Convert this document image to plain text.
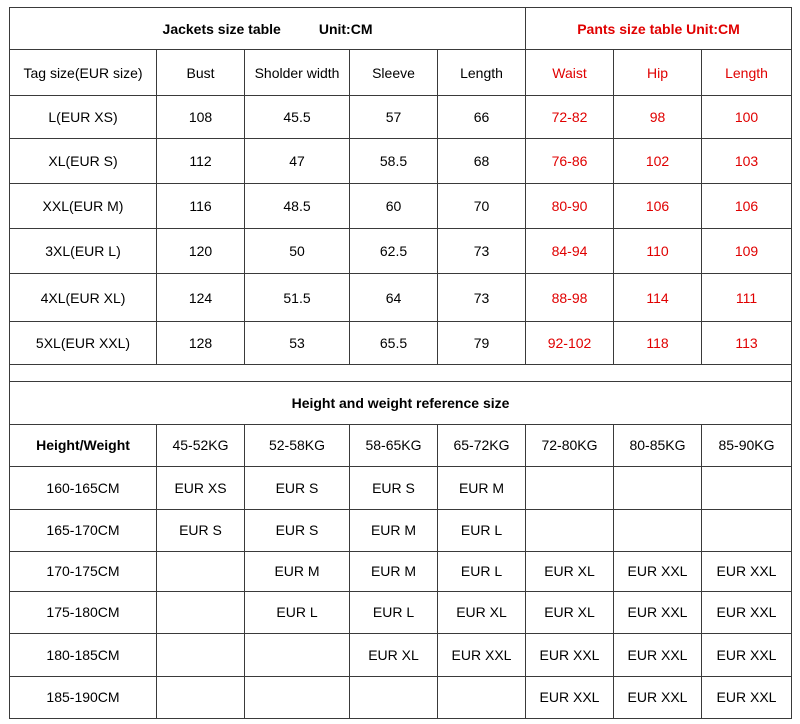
Jackets size table Unit:CM					Pants size table Unit:CM		
Tag size(EUR size)	Bust	Sholder width	Sleeve	Length	Waist	Hip	Length
L(EUR XS)	108	45.5	57	66	72-82	98	100
XL(EUR S)	112	47	58.5	68	76-86	102	103
XXL(EUR M)	116	48.5	60	70	80-90	106	106
3XL(EUR L)	120	50	62.5	73	84-94	110	109
4XL(EUR XL)	124	51.5	64	73	88-98	114	111
5XL(EUR XXL)	128	53	65.5	79	92-102	118	113

Height and weight reference size							
Height/Weight	45-52KG	52-58KG	58-65KG	65-72KG	72-80KG	80-85KG	85-90KG
160-165CM	EUR XS	EUR S	EUR S	EUR M			
165-170CM	EUR S	EUR S	EUR M	EUR L			
170-175CM		EUR M	EUR M	EUR L	EUR XL	EUR XXL	EUR XXL
175-180CM		EUR L	EUR L	EUR XL	EUR XL	EUR XXL	EUR XXL
180-185CM			EUR XL	EUR XXL	EUR XXL	EUR XXL	EUR XXL
185-190CM					EUR XXL	EUR XXL	EUR XXL
